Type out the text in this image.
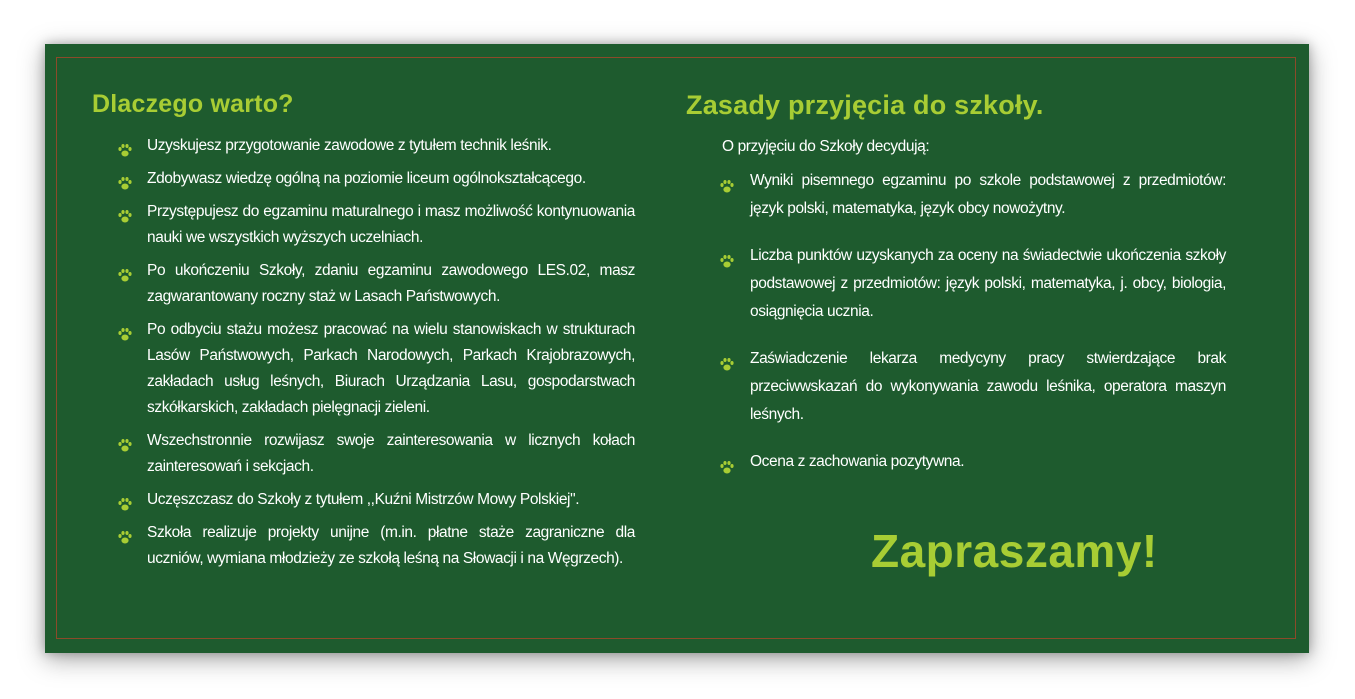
Dlaczego warto?
Uzyskujesz przygotowanie zawodowe z tytułem technik leśnik.
Zdobywasz wiedzę ogólną na poziomie liceum ogólnokształcącego.
Przystępujesz do egzaminu maturalnego i masz możliwość kontynuowania nauki we wszystkich wyższych uczelniach.
Po ukończeniu Szkoły, zdaniu egzaminu zawodowego LES.02, masz zagwarantowany roczny staż w Lasach Państwowych.
Po odbyciu stażu możesz pracować na wielu stanowiskach w strukturach Lasów Państwowych, Parkach Narodowych, Parkach Krajobrazowych, zakładach usług leśnych, Biurach Urządzania Lasu, gospodarstwach szkółkarskich, zakładach pielęgnacji zieleni.
Wszechstronnie rozwijasz swoje zainteresowania w licznych kołach zainteresowań i sekcjach.
Uczęszczasz do Szkoły z tytułem ,,Kuźni Mistrzów Mowy Polskiej".
Szkoła realizuje projekty unijne (m.in. płatne staże zagraniczne dla uczniów, wymiana młodzieży ze szkołą leśną na Słowacji i na Węgrzech).
Zasady przyjęcia do szkoły.
O przyjęciu do Szkoły decydują:
Wyniki pisemnego egzaminu po szkole podstawowej z przedmiotów: język polski, matematyka, język obcy nowożytny.
Liczba punktów uzyskanych za oceny na świadectwie ukończenia szkoły podstawowej z przedmiotów: język polski, matematyka, j. obcy, biologia, osiągnięcia ucznia.
Zaświadczenie lekarza medycyny pracy stwierdzające brak przeciwwskazań do wykonywania zawodu leśnika, operatora maszyn leśnych.
Ocena z zachowania pozytywna.
Zapraszamy!
